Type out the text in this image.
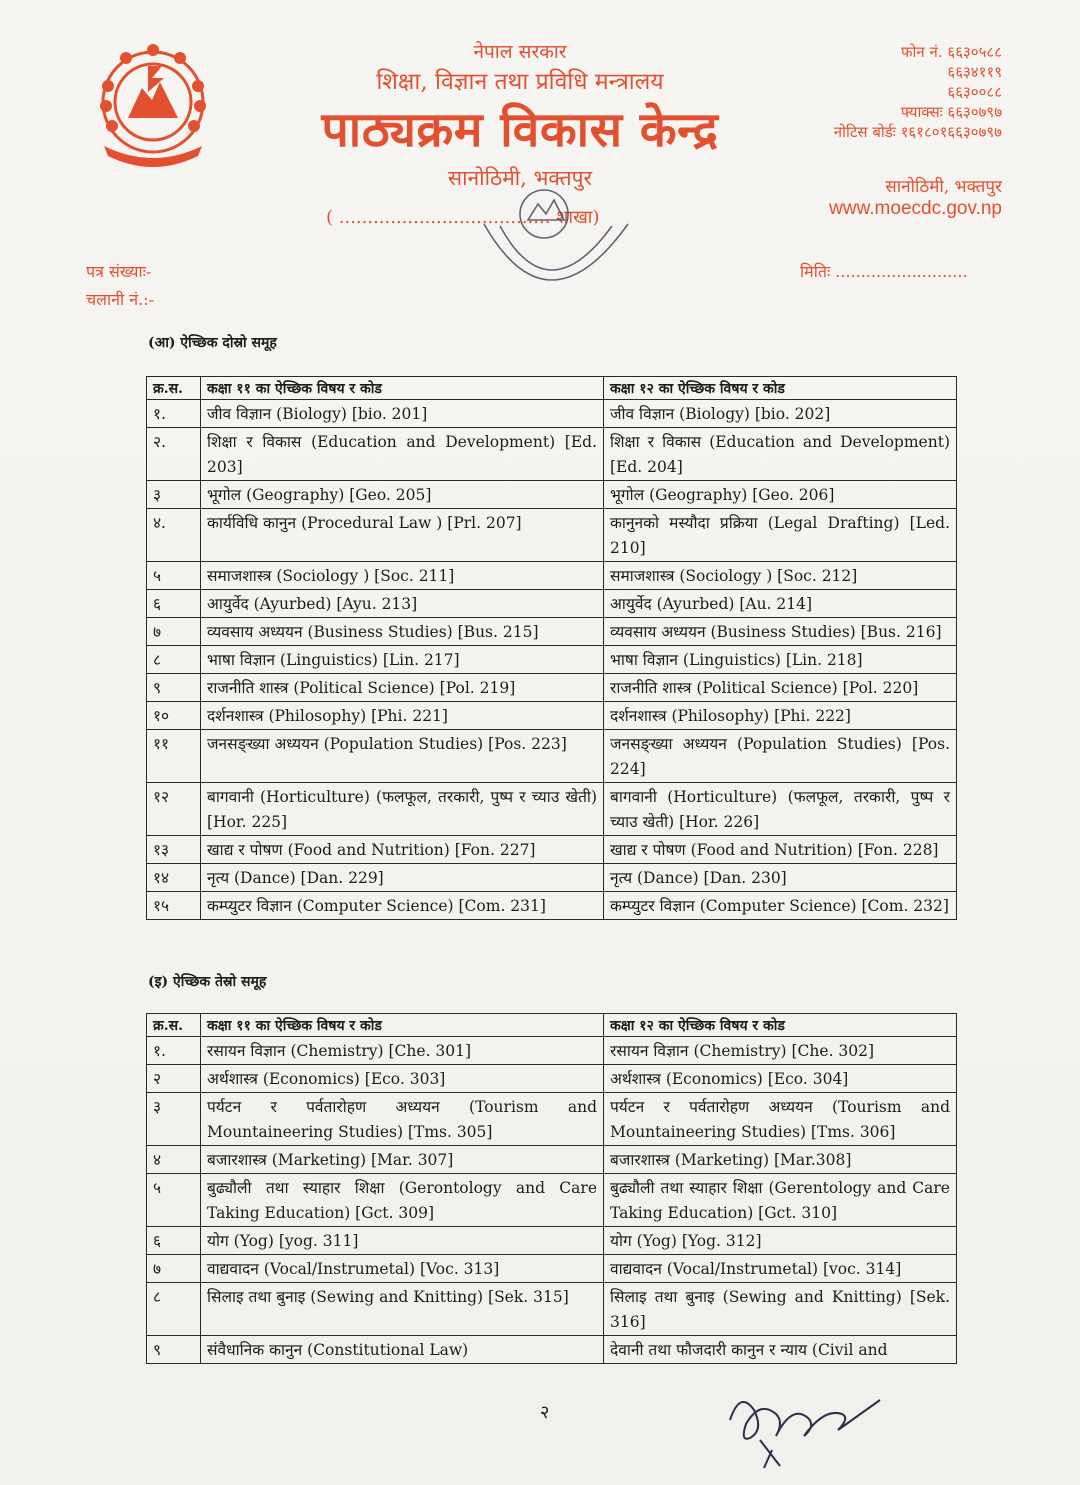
नेपाल सरकार
शिक्षा, विज्ञान तथा प्रविधि मन्त्रालय
पाठ्यक्रम विकास केन्द्र
सानोठिमी, भक्तपुर
( ..................................... शाखा)
फोन नं. ६६३०५८८
६६३४११९
६६३००८८
फ्याक्सः ६६३०७९७
नोटिस बोर्डः १६१८०१६६३०७९७
सानोठिमी, भक्तपुर
www.moecdc.gov.np
पत्र संख्याः-
चलानी नं.:-
मितिः ..........................
(आ) ऐच्छिक दोस्रो समूह
क्र.स.	कक्षा ११ का ऐच्छिक विषय र कोड	कक्षा १२ का ऐच्छिक विषय र कोड
१.	जीव विज्ञान (Biology) [bio. 201]	जीव विज्ञान (Biology) [bio. 202]
२.	शिक्षा र विकास (Education and Development) [Ed. 203]	शिक्षा र विकास (Education and Development) [Ed. 204]
३	भूगोल (Geography) [Geo. 205]	भूगोल (Geography) [Geo. 206]
४.	कार्यविधि कानुन (Procedural Law ) [Prl. 207]	कानुनको मस्यौदा प्रक्रिया (Legal Drafting) [Led. 210]
५	समाजशास्त्र (Sociology ) [Soc. 211]	समाजशास्त्र (Sociology ) [Soc. 212]
६	आयुर्वेद (Ayurbed) [Ayu. 213]	आयुर्वेद (Ayurbed) [Au. 214]
७	व्यवसाय अध्ययन (Business Studies) [Bus. 215]	व्यवसाय अध्ययन (Business Studies) [Bus. 216]
८	भाषा विज्ञान (Linguistics) [Lin. 217]	भाषा विज्ञान (Linguistics) [Lin. 218]
९	राजनीति शास्त्र (Political Science) [Pol. 219]	राजनीति शास्त्र (Political Science) [Pol. 220]
१०	दर्शनशास्त्र (Philosophy) [Phi. 221]	दर्शनशास्त्र (Philosophy) [Phi. 222]
११	जनसङ्ख्या अध्ययन (Population Studies) [Pos. 223]	जनसङ्ख्या अध्ययन (Population Studies) [Pos. 224]
१२	बागवानी (Horticulture) (फलफूल, तरकारी, पुष्प र च्याउ खेती) [Hor. 225]	बागवानी (Horticulture) (फलफूल, तरकारी, पुष्प र च्याउ खेती) [Hor. 226]
१३	खाद्य र पोषण (Food and Nutrition) [Fon. 227]	खाद्य र पोषण (Food and Nutrition) [Fon. 228]
१४	नृत्य (Dance) [Dan. 229]	नृत्य (Dance) [Dan. 230]
१५	कम्प्युटर विज्ञान (Computer Science) [Com. 231]	कम्प्युटर विज्ञान (Computer Science) [Com. 232]
(इ) ऐच्छिक तेस्रो समूह
क्र.स.	कक्षा ११ का ऐच्छिक विषय र कोड	कक्षा १२ का ऐच्छिक विषय र कोड
१.	रसायन विज्ञान (Chemistry) [Che. 301]	रसायन विज्ञान (Chemistry) [Che. 302]
२	अर्थशास्त्र (Economics) [Eco. 303]	अर्थशास्त्र (Economics) [Eco. 304]
३	पर्यटन र पर्वतारोहण अध्ययन (Tourism and Mountaineering Studies) [Tms. 305]	पर्यटन र पर्वतारोहण अध्ययन (Tourism and Mountaineering Studies) [Tms. 306]
४	बजारशास्त्र (Marketing) [Mar. 307]	बजारशास्त्र (Marketing) [Mar.308]
५	बुढ्यौली तथा स्याहार शिक्षा (Gerontology and Care Taking Education) [Gct. 309]	बुढ्यौली तथा स्याहार शिक्षा (Gerentology and Care Taking Education) [Gct. 310]
६	योग (Yog) [yog. 311]	योग (Yog) [Yog. 312]
७	वाद्यवादन (Vocal/Instrumetal) [Voc. 313]	वाद्यवादन (Vocal/Instrumetal) [voc. 314]
८	सिलाइ तथा बुनाइ (Sewing and Knitting) [Sek. 315]	सिलाइ तथा बुनाइ (Sewing and Knitting) [Sek. 316]
९	संवैधानिक कानुन (Constitutional Law)	देवानी तथा फौजदारी कानुन र न्याय (Civil and
२
